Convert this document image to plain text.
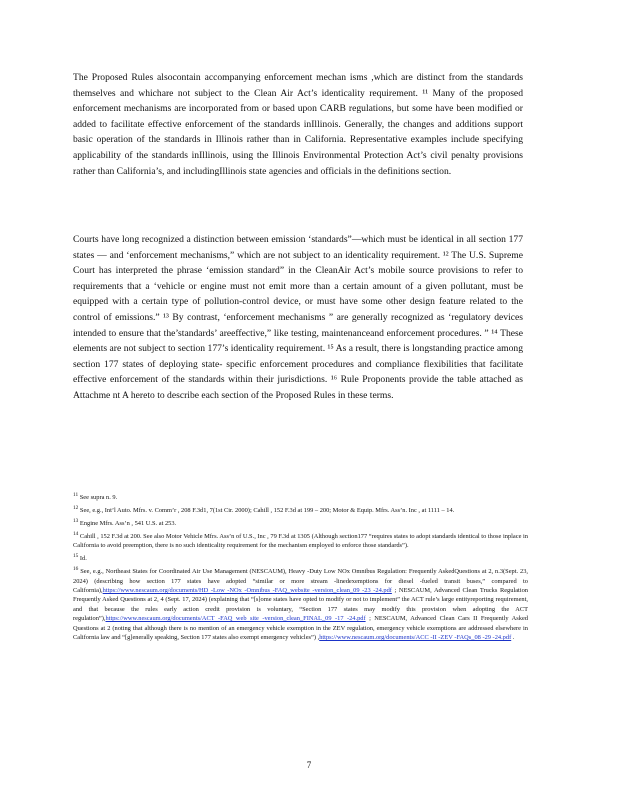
The Proposed Rules alsocontain accompanying enforcement mechan isms ,which are distinct from the standards themselves and whichare not subject to the Clean Air Act’s identicality requirement. ¹¹ Many of the proposed enforcement mechanisms are incorporated from or based upon CARB regulations, but some have been modified or added to facilitate effective enforcement of the standards inIllinois. Generally, the changes and additions support basic operation of the standards in Illinois rather than in California. Representative examples include specifying applicability of the standards inIllinois, using the Illinois Environmental Protection Act’s civil penalty provisions rather than California’s, and includingIllinois state agencies and officials in the definitions section.

Courts have long recognized a distinction between emission ‘standards”—which must be identical in all section 177 states — and ‘enforcement mechanisms,” which are not subject to an identicality requirement. ¹² The U.S. Supreme Court has interpreted the phrase ‘emission standard” in the CleanAir Act’s mobile source provisions to refer to requirements that a ‘vehicle or engine must not emit more than a certain amount of a given pollutant, must be equipped with a certain type of pollution-control device, or must have some other design feature related to the control of emissions.” ¹³ By contrast, ‘enforcement mechanisms ” are generally recognized as ‘regulatory devices intended to ensure that the’standards’ areeffective,” like testing, maintenanceand enforcement procedures. ” ¹⁴ These elements are not subject to section 177’s identicality requirement. ¹⁵ As a result, there is longstanding practice among section 177 states of deploying state- specific enforcement procedures and compliance flexibilities that facilitate effective enforcement of the standards within their jurisdictions. ¹⁶ Rule Proponents provide the table attached as Attachme nt A hereto to describe each section of the Proposed Rules in these terms.

$^{11}$ See supra n. 9.

$^{12}$ See, e.g., Int’l Auto. Mfrs. v. Comm’r , 208 F.3d1, 7(1st Cir. 2000); Cahill , 152 F.3d at 199 – 200; Motor & Equip. Mfrs. Ass’n. Inc , at 1111 – 14.

$^{13}$ Engine Mfrs. Ass’n , 541 U.S. at 253.

$^{14}$ Cahill , 152 F.3d at 200. See also Motor Vehicle Mfrs. Ass’n of U.S., Inc , 79 F.3d at 1305 (Although section177 “requires states to adopt standards identical to those inplace in California to avoid preemption, there is no such identicality requirement for the mechanism employed to enforce those standards”).

$^{15}$ Id.

$^{16}$ See, e.g., Northeast States for Coordinated Air Use Management (NESCAUM), Heavy -Duty Low NOx Omnibus Regulation: Frequently AskedQuestions at 2, n.3(Sept. 23, 2024) (describing how section 177 states have adopted “similar or more stream -linedexemptions for diesel -fueled transit buses,” compared to California),https://www.nescaum.org/documents/HD -Low -NOx -Omnibus -FAQ_website -version_clean_09 -23 -24.pdf ; NESCAUM, Advanced Clean Trucks Regulation Frequently Asked Questions at 2, 4 (Sept. 17, 2024) (explaining that “[s]ome states have opted to modify or not to implement” the ACT rule’s large entityreporting requirement, and that because the rules early action credit provision is voluntary, “Section 177 states may modify this provision when adopting the ACT regulation”),https://www.nescaum.org/documents/ACT -FAQ web site -version_clean_FINAL_09 -17 -24.pdf ; NESCAUM, Advanced Clean Cars II Frequently Asked Questions at 2 (noting that although there is no mention of an emergency vehicle exemption in the ZEV regulation, emergency vehicle exemptions are addressed elsewhere in California law and “[g]enerally speaking, Section 177 states also exempt emergency vehicles”) ,https://www.nescaum.org/documents/ACC -II -ZEV -FAQs_08 -29 -24.pdf .

7
